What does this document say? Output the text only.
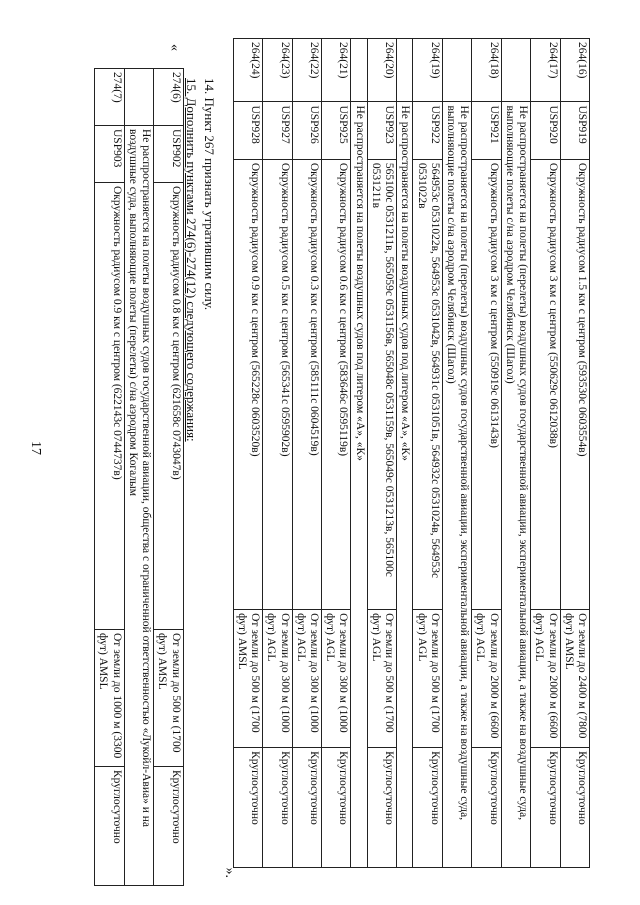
17
264(16)	USP919	Окружность радиусом 1.5 км с центром (593530с 0603554в)	От земли до 2400 м (7800 фут) AMSL	Круглосуточно
264(17)	USP920	Окружность радиусом 3 км с центром (550629с 0612038в)	От земли до 2000 м (6600 фут) AGL	Круглосуточно
	Не распространяется на полеты (перелеты) воздушных судов государственной авиации, экспериментальной авиации, а также на воздушные суда, выполняющие полеты с/на аэродром Челябинск (Шагол)			
264(18)	USP921	Окружность радиусом 3 км с центром (550919с 0613143в)	От земли до 2000 м (6600 фут) AGL	Круглосуточно
	Не распространяется на полеты (перелеты) воздушных судов государственной авиации, экспериментальной авиации, а также на воздушные суда, выполняющие полеты с/на аэродром Челябинск (Шагол)			
264(19)	USP922	564953с 0531022в, 564953с 0531042в, 564931с 0531051в, 564932с 0531024в, 564953с 0531022в	От земли до 500 м (1700 фут) AGL	Круглосуточно
	Не распространяется на полеты воздушных судов под литером «А», «К»			
264(20)	USP923	565100с 0531211в, 565059с 0531156в, 565048с 0531159в, 565049с 0531213в, 565100с 0531211в	От земли до 500 м (1700 фут) AGL	Круглосуточно
	Не распространяется на полеты воздушных судов под литером «А», «К»			
264(21)	USP925	Окружность радиусом 0.6 км с центром (583646с 0595119в)	От земли до 300 м (1000 фут) AGL	Круглосуточно
264(22)	USP926	Окружность радиусом 0.3 км с центром (585111с 0604519в)	От земли до 300 м (1000 фут) AGL	Круглосуточно
264(23)	USP927	Окружность радиусом 0.5 км с центром (565341с 0595902в)	От земли до 300 м (1000 фут) AGL	Круглосуточно
264(24)	USP928	Окружность радиусом 0.9 км с центром (565228с 0603520в)	От земли до 500 м (1700 фут) AMSL	Круглосуточно
».
14. Пункт 267 признать утратившим силу.
15. Дополнить пунктами 274(6)-274(12) следующего содержания:
«
274(6)	USP902	Окружность радиусом 0.8 км с центром (621658с 0743047в)	От земли до 500 м (1700 фут) AMSL	Круглосуточно
	Не распространяется на полеты воздушных судов государственной авиации, общества с ограниченной ответственностью «Лукойл-Авиа» и на воздушные суда, выполняющие полеты (перелеты) с/на аэродром Когалым			
274(7)	USP903	Окружность радиусом 0.9 км с центром (622143с 0744737в)	От земли до 1000 м (3300 фут) AMSL	Круглосуточно
